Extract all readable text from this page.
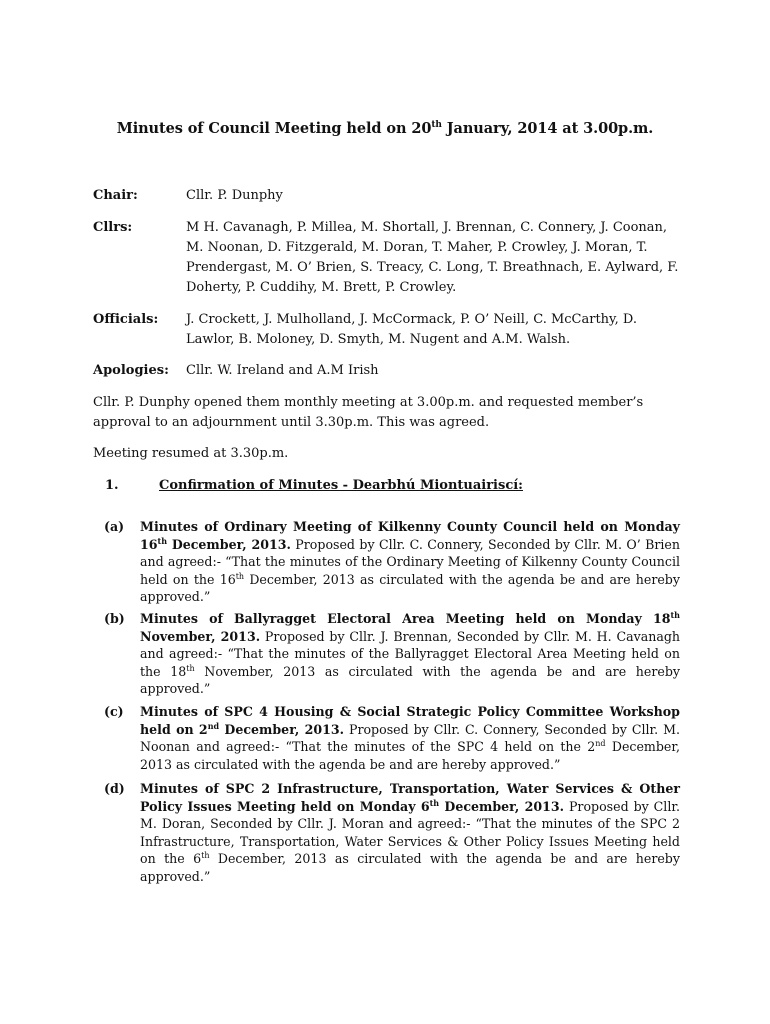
Minutes of Council Meeting held on 20th January, 2014 at 3.00p.m.
Chair:	Cllr. P. Dunphy
Cllrs:	M H. Cavanagh, P. Millea, M. Shortall, J. Brennan, C. Connery, J. Coonan, M. Noonan, D. Fitzgerald, M. Doran, T. Maher, P. Crowley, J. Moran, T. Prendergast, M. O’ Brien, S. Treacy, C. Long, T. Breathnach, E. Aylward, F. Doherty, P. Cuddihy, M. Brett, P. Crowley.
Officials: J. Crockett, J. Mulholland, J. McCormack, P. O’ Neill, C. McCarthy, D. Lawlor, B. Moloney, D. Smyth, M. Nugent and A.M. Walsh.
Apologies: Cllr. W. Ireland and A.M Irish
Cllr. P. Dunphy opened them monthly meeting at 3.00p.m. and requested member’s approval to an adjournment until 3.30p.m. This was agreed.
Meeting resumed at 3.30p.m.
1.	Confirmation of Minutes - Dearbhú Miontuairiscí:
(a) Minutes of Ordinary Meeting of Kilkenny County Council held on Monday 16th December, 2013. Proposed by Cllr. C. Connery, Seconded by Cllr. M. O’ Brien and agreed:- “That the minutes of the Ordinary Meeting of Kilkenny County Council held on the 16th December, 2013 as circulated with the agenda be and are hereby approved.”
(b) Minutes of Ballyragget Electoral Area Meeting held on Monday 18th November, 2013. Proposed by Cllr. J. Brennan, Seconded by Cllr. M. H. Cavanagh and agreed:- “That the minutes of the Ballyragget Electoral Area Meeting held on the 18th November, 2013 as circulated with the agenda be and are hereby approved.”
(c) Minutes of SPC 4 Housing & Social Strategic Policy Committee Workshop held on 2nd December, 2013. Proposed by Cllr. C. Connery, Seconded by Cllr. M. Noonan and agreed:- “That the minutes of the SPC 4 held on the 2nd December, 2013 as circulated with the agenda be and are hereby approved.”
(d) Minutes of SPC 2 Infrastructure, Transportation, Water Services & Other Policy Issues Meeting held on Monday 6th December, 2013. Proposed by Cllr. M. Doran, Seconded by Cllr. J. Moran and agreed:- “That the minutes of the SPC 2 Infrastructure, Transportation, Water Services & Other Policy Issues Meeting held on the 6th December, 2013 as circulated with the agenda be and are hereby approved.”
